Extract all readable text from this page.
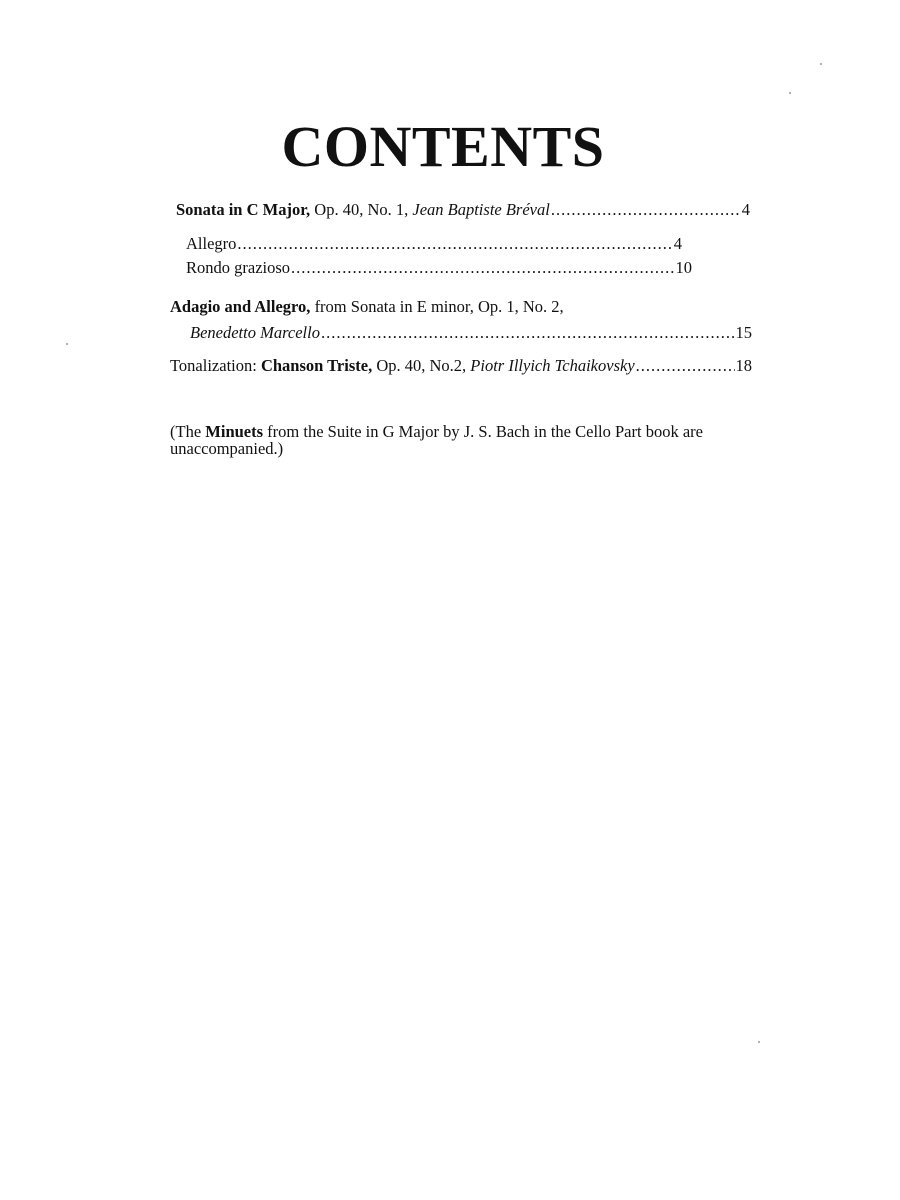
CONTENTS
Sonata in C Major, Op. 40, No. 1, Jean Baptiste Bréval .....	4
Allegro .....	4
Rondo grazioso .....	10
Adagio and Allegro, from Sonata in E minor, Op. 1, No. 2,
Benedetto Marcello .....	15
Tonalization: Chanson Triste, Op. 40, No.2, Piotr Illyich Tchaikovsky .....	18
(The Minuets from the Suite in G Major by J. S. Bach in the Cello Part book are unaccompanied.)
